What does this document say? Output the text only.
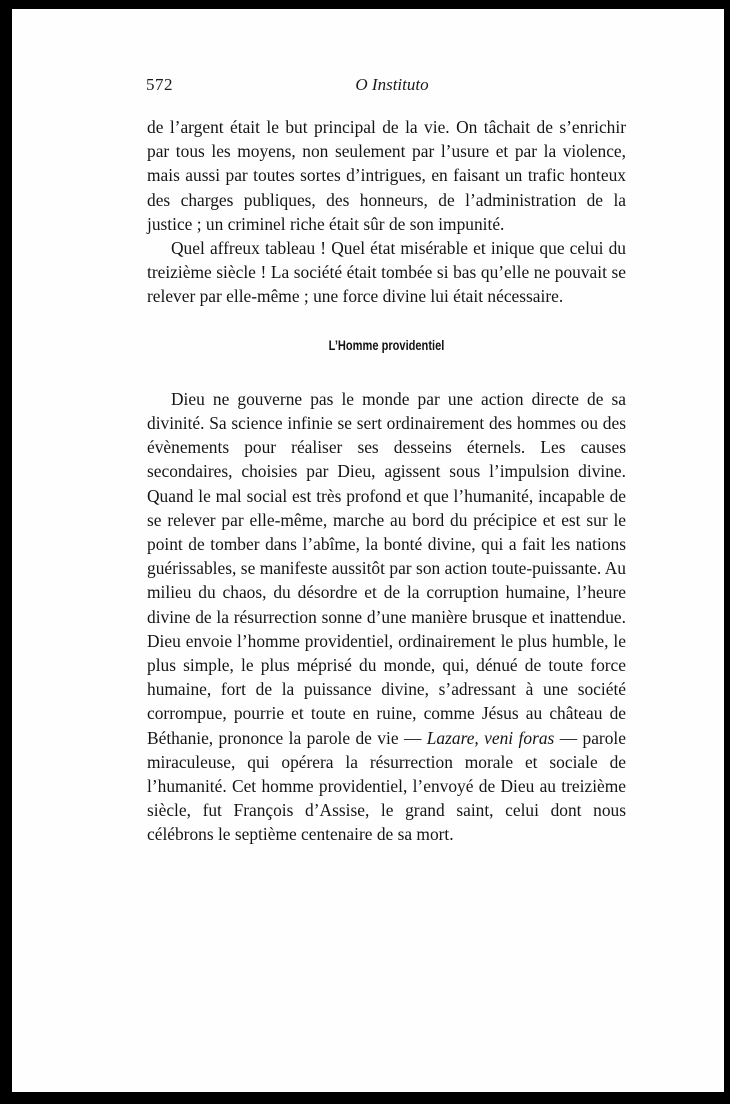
572	O Instituto

de l’argent était le but principal de la vie. On tâchait de s’enrichir par tous les moyens, non seulement par l’usure et par la violence, mais aussi par toutes sortes d’intrigues, en faisant un trafic honteux des charges publiques, des honneurs, de l’administration de la justice ; un criminel riche était sûr de son impunité.

Quel affreux tableau ! Quel état misérable et inique que celui du treizième siècle ! La société était tombée si bas qu’elle ne pouvait se relever par elle-même ; une force divine lui était nécessaire.

L’Homme providentiel

Dieu ne gouverne pas le monde par une action directe de sa divinité. Sa science infinie se sert ordinairement des hommes ou des évènements pour réaliser ses desseins éternels. Les causes secondaires, choisies par Dieu, agissent sous l’impulsion divine. Quand le mal social est très profond et que l’humanité, incapable de se relever par elle-même, marche au bord du précipice et est sur le point de tomber dans l’abîme, la bonté divine, qui a fait les nations guérissables, se manifeste aussitôt par son action toute-puissante. Au milieu du chaos, du désordre et de la corruption humaine, l’heure divine de la résurrection sonne d’une manière brusque et inattendue. Dieu envoie l’homme providentiel, ordinairement le plus humble, le plus simple, le plus méprisé du monde, qui, dénué de toute force humaine, fort de la puissance divine, s’adressant à une société corrompue, pourrie et toute en ruine, comme Jésus au château de Béthanie, prononce la parole de vie — Lazare, veni foras — parole miraculeuse, qui opérera la résurrection morale et sociale de l’humanité. Cet homme providentiel, l’envoyé de Dieu au treizième siècle, fut François d’Assise, le grand saint, celui dont nous célébrons le septième centenaire de sa mort.
